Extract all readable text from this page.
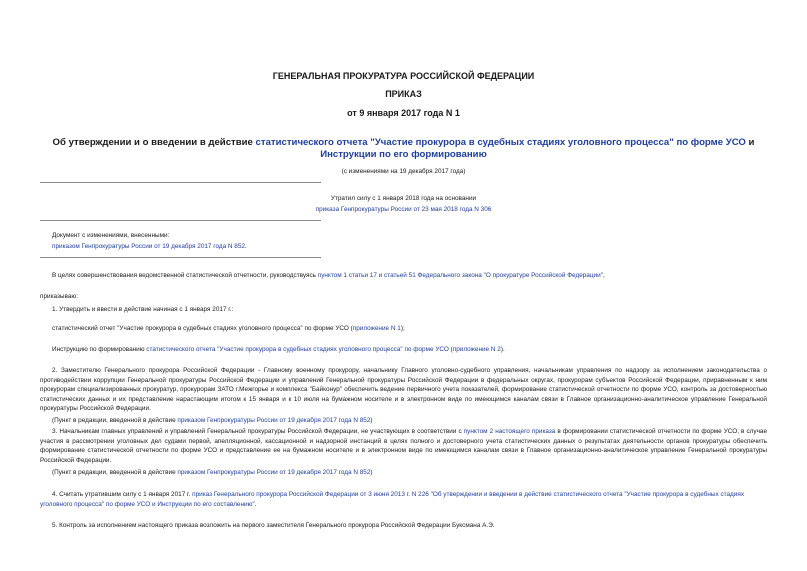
ГЕНЕРАЛЬНАЯ ПРОКУРАТУРА РОССИЙСКОЙ ФЕДЕРАЦИИ
ПРИКАЗ
от 9 января 2017 года N 1
Об утверждении и о введении в действие статистического отчета "Участие прокурора в судебных стадиях уголовного процесса" по форме УСО и Инструкции по его формированию
(с изменениями на 19 декабря 2017 года)
Утратил силу с 1 января 2018 года на основании
приказа Генпрокуратуры России от 23 мая 2018 года N 306
Документ с изменениями, внесенными:
приказом Генпрокуратуры России от 19 декабря 2017 года N 852.
В целях совершенствования ведомственной статистической отчетности, руководствуясь пунктом 1 статьи 17 и статьей 51 Федерального закона "О прокуратуре Российской Федерации",
приказываю:
1. Утвердить и ввести в действие начиная с 1 января 2017 г.:
статистический отчет "Участие прокурора в судебных стадиях уголовного процесса" по форме УСО (приложение N 1);
Инструкцию по формированию статистического отчета "Участие прокурора в судебных стадиях уголовного процесса" по форме УСО (приложение N 2).
2. Заместителю Генерального прокурора Российской Федерации - Главному военному прокурору, начальнику Главного уголовно-судебного управления, начальникам управления по надзору за исполнением законодательства о противодействии коррупции Генеральной прокуратуры Российской Федерации и управлений Генеральной прокуратуры Российской Федерации в федеральных округах, прокурорам субъектов Российской Федерации, приравненным к ним прокурорам специализированных прокуратур, прокурорам ЗАТО г.Межгорье и комплекса "Байконур" обеспечить ведение первичного учета показателей, формирование статистической отчетности по форме УСО, контроль за достоверностью статистических данных и их представление нарастающим итогом к 15 января и к 10 июля на бумажном носителе и в электронном виде по имеющимся каналам связи в Главное организационно-аналитическое управление Генеральной прокуратуры Российской Федерации.
(Пункт в редакции, введенной в действие приказом Генпрокуратуры России от 19 декабря 2017 года N 852)
3. Начальникам главных управлений и управлений Генеральной прокуратуры Российской Федерации, не участвующих в соответствии с пунктом 2 настоящего приказа в формировании статистической отчетности по форме УСО, в случае участия в рассмотрении уголовных дел судами первой, апелляционной, кассационной и надзорной инстанций в целях полного и достоверного учета статистических данных о результатах деятельности органов прокуратуры обеспечить формирование статистической отчетности по форме УСО и представление ее на бумажном носителе и в электронном виде по имеющимся каналам связи в Главное организационно-аналитическое управление Генеральной прокуратуры Российской Федерации.
(Пункт в редакции, введенной в действие приказом Генпрокуратуры России от 19 декабря 2017 года N 852)
4. Считать утратившим силу с 1 января 2017 г. приказ Генерального прокурора Российской Федерации от 3 июня 2013 г. N 226 "Об утверждении и введении в действие статистического отчета "Участие прокурора в судебных стадиях уголовного процесса" по форме УСО и Инструкции по его составлению".
5. Контроль за исполнением настоящего приказа возложить на первого заместителя Генерального прокурора Российской Федерации Буксмана А.Э.
